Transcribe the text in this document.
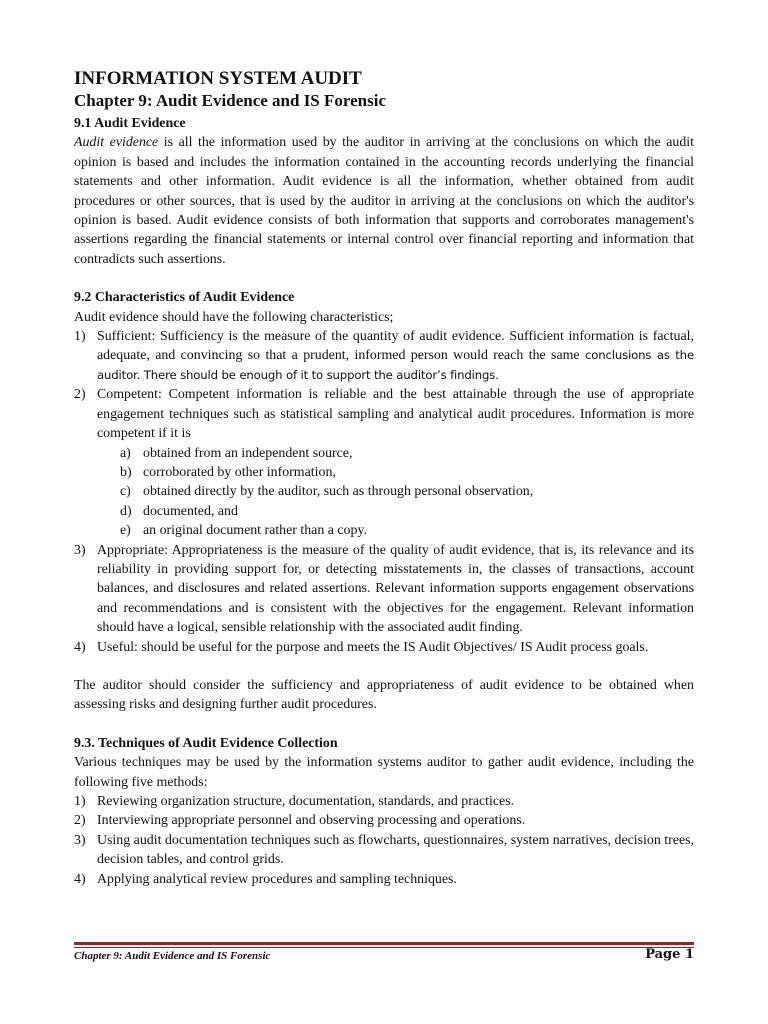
INFORMATION SYSTEM AUDIT
Chapter 9: Audit Evidence and IS Forensic
9.1 Audit Evidence

Audit evidence is all the information used by the auditor in arriving at the conclusions on which the audit opinion is based and includes the information contained in the accounting records underlying the financial statements and other information. Audit evidence is all the information, whether obtained from audit procedures or other sources, that is used by the auditor in arriving at the conclusions on which the auditor's opinion is based. Audit evidence consists of both information that supports and corroborates management's assertions regarding the financial statements or internal control over financial reporting and information that contradicts such assertions.

9.2 Characteristics of Audit Evidence

Audit evidence should have the following characteristics;

1) Sufficient: Sufficiency is the measure of the quantity of audit evidence. Sufficient information is factual, adequate, and convincing so that a prudent, informed person would reach the same conclusions as the auditor. There should be enough of it to support the auditor’s findings.
2) Competent: Competent information is reliable and the best attainable through the use of appropriate engagement techniques such as statistical sampling and analytical audit procedures. Information is more competent if it is
a) obtained from an independent source,
b) corroborated by other information,
c) obtained directly by the auditor, such as through personal observation,
d) documented, and
e) an original document rather than a copy.
3) Appropriate: Appropriateness is the measure of the quality of audit evidence, that is, its relevance and its reliability in providing support for, or detecting misstatements in, the classes of transactions, account balances, and disclosures and related assertions. Relevant information supports engagement observations and recommendations and is consistent with the objectives for the engagement. Relevant information should have a logical, sensible relationship with the associated audit finding.
4) Useful: should be useful for the purpose and meets the IS Audit Objectives/ IS Audit process goals.

The auditor should consider the sufficiency and appropriateness of audit evidence to be obtained when assessing risks and designing further audit procedures.

9.3. Techniques of Audit Evidence Collection

Various techniques may be used by the information systems auditor to gather audit evidence, including the following five methods:

1) Reviewing organization structure, documentation, standards, and practices.
2) Interviewing appropriate personnel and observing processing and operations.
3) Using audit documentation techniques such as flowcharts, questionnaires, system narratives, decision trees, decision tables, and control grids.
4) Applying analytical review procedures and sampling techniques.
Chapter 9: Audit Evidence and IS Forensic	Page 1
